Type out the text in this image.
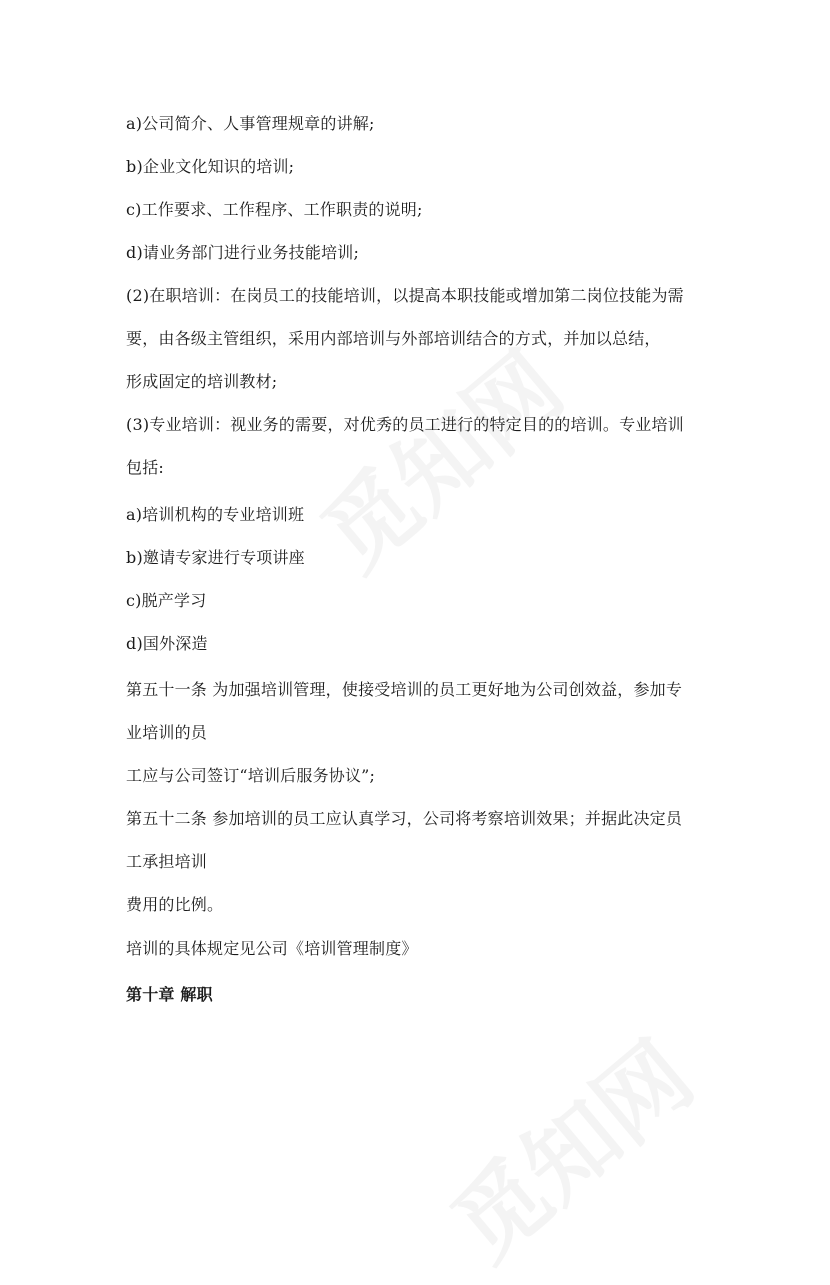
a)公司简介、人事管理规章的讲解;
b)企业文化知识的培训;
c)工作要求、工作程序、工作职责的说明;
d)请业务部门进行业务技能培训;
(2)在职培训：在岗员工的技能培训，以提高本职技能或增加第二岗位技能为需
要，由各级主管组织，采用内部培训与外部培训结合的方式，并加以总结，
形成固定的培训教材;
(3)专业培训：视业务的需要，对优秀的员工进行的特定目的的培训。专业培训
包括:
a)培训机构的专业培训班
b)邀请专家进行专项讲座
c)脱产学习
d)国外深造
第五十一条 为加强培训管理，使接受培训的员工更好地为公司创效益，参加专
业培训的员
工应与公司签订“培训后服务协议”;
第五十二条 参加培训的员工应认真学习，公司将考察培训效果；并据此决定员
工承担培训
费用的比例。
培训的具体规定见公司《培训管理制度》
第十章 解职
